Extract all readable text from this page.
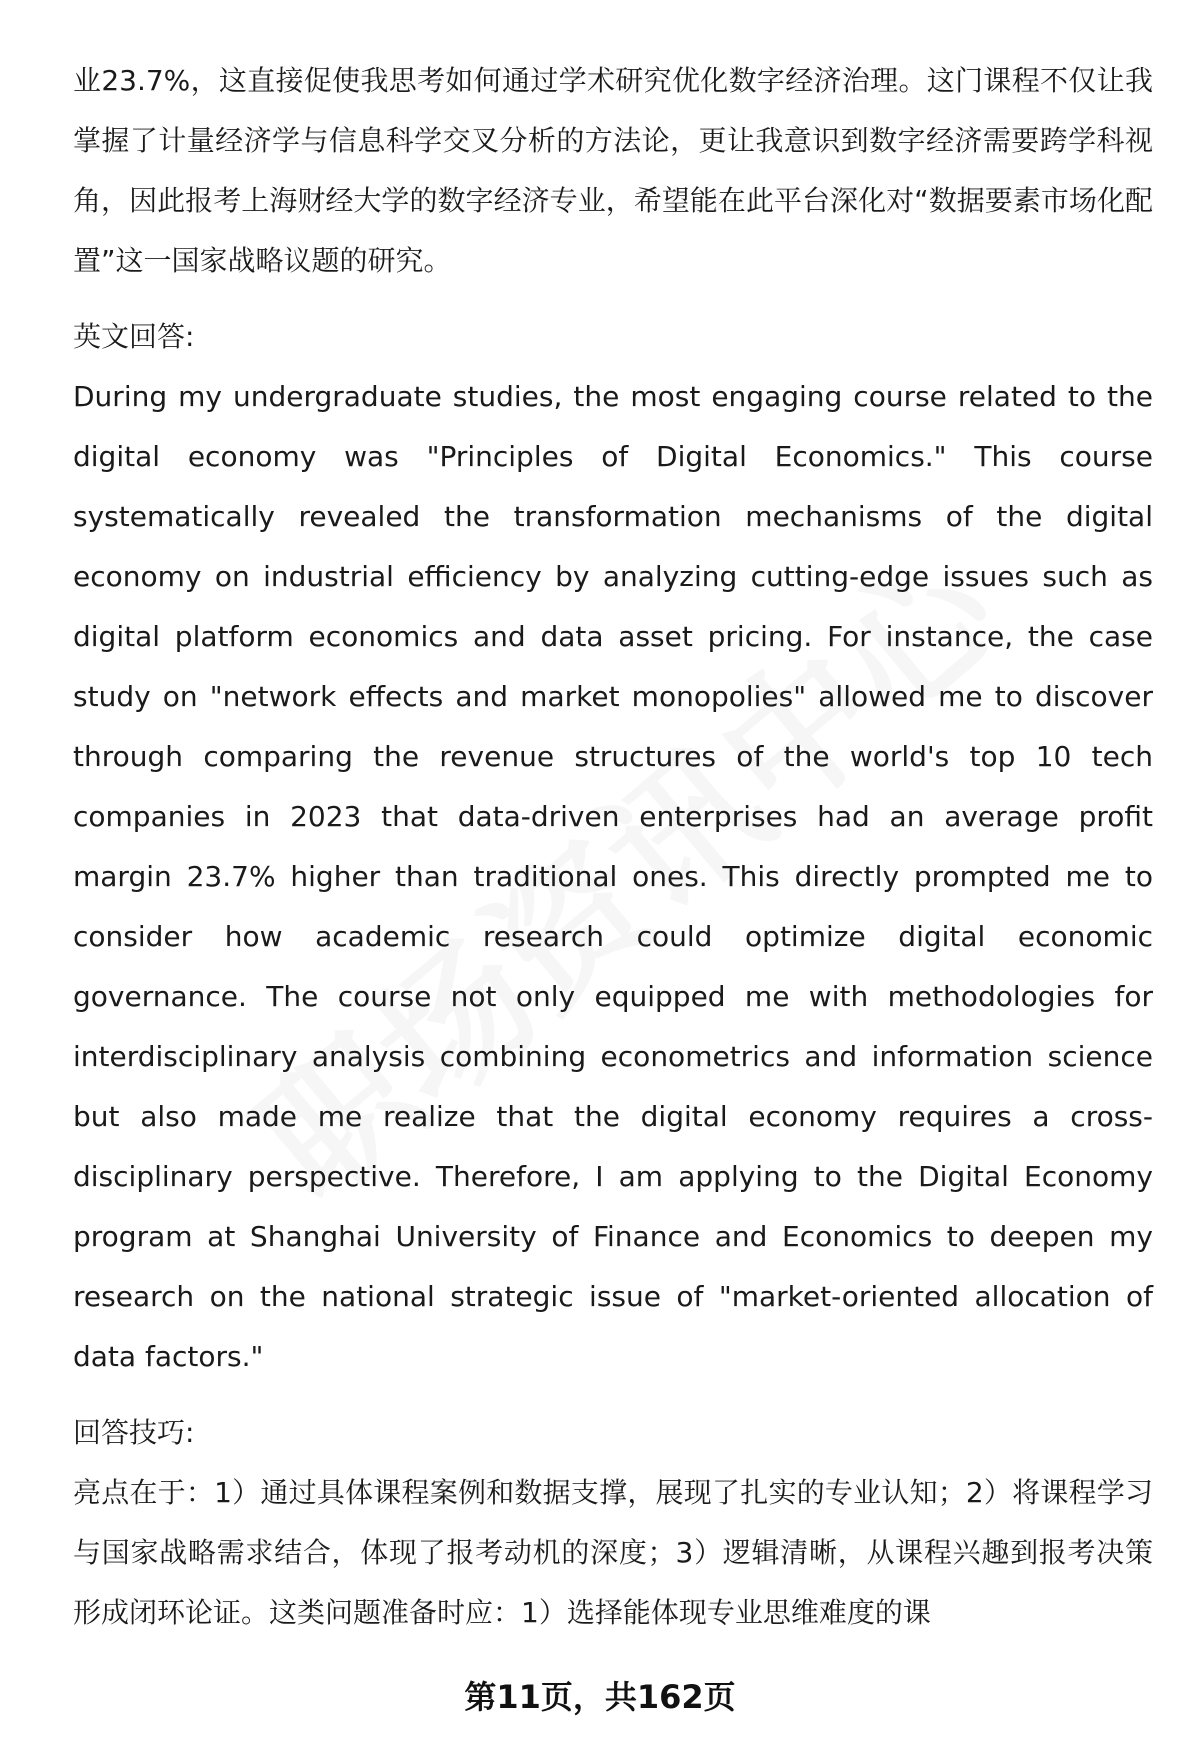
业23.7%，这直接促使我思考如何通过学术研究优化数字经济治理。这门课程不仅让我掌握了计量经济学与信息科学交叉分析的方法论，更让我意识到数字经济需要跨学科视角，因此报考上海财经大学的数字经济专业，希望能在此平台深化对“数据要素市场化配置”这一国家战略议题的研究。

英文回答:

During my undergraduate studies, the most engaging course related to the digital economy was "Principles of Digital Economics." This course systematically revealed the transformation mechanisms of the digital economy on industrial efficiency by analyzing cutting-edge issues such as digital platform economics and data asset pricing. For instance, the case study on "network effects and market monopolies" allowed me to discover through comparing the revenue structures of the world's top 10 tech companies in 2023 that data-driven enterprises had an average profit margin 23.7% higher than traditional ones. This directly prompted me to consider how academic research could optimize digital economic governance. The course not only equipped me with methodologies for interdisciplinary analysis combining econometrics and information science but also made me realize that the digital economy requires a cross-disciplinary perspective. Therefore, I am applying to the Digital Economy program at Shanghai University of Finance and Economics to deepen my research on the national strategic issue of "market-oriented allocation of data factors."

回答技巧:

亮点在于：1）通过具体课程案例和数据支撑，展现了扎实的专业认知；2）将课程学习与国家战略需求结合，体现了报考动机的深度；3）逻辑清晰，从课程兴趣到报考决策形成闭环论证。这类问题准备时应：1）选择能体现专业思维难度的课

第11页，共162页
